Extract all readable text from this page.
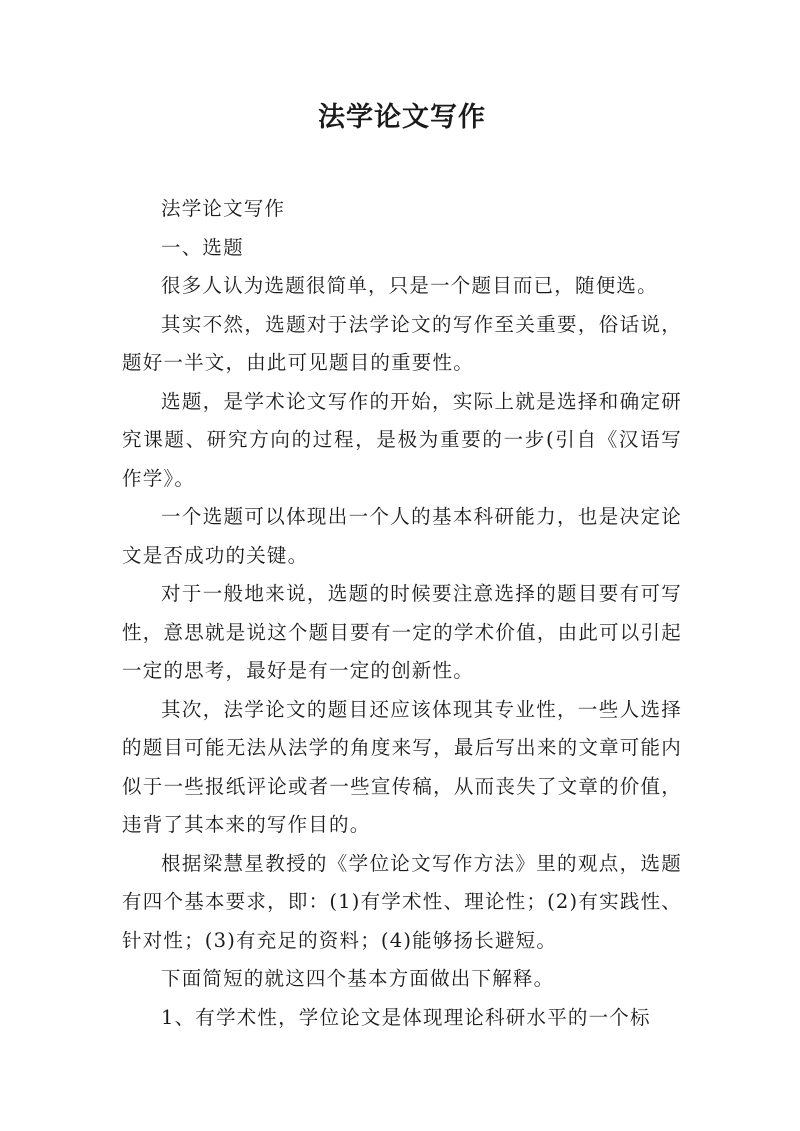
法学论文写作

法学论文写作

一、选题

很多人认为选题很简单，只是一个题目而已，随便选。

其实不然，选题对于法学论文的写作至关重要，俗话说，题好一半文，由此可见题目的重要性。

选题，是学术论文写作的开始，实际上就是选择和确定研究课题、研究方向的过程，是极为重要的一步(引自《汉语写作学》。

一个选题可以体现出一个人的基本科研能力，也是决定论文是否成功的关键。

对于一般地来说，选题的时候要注意选择的题目要有可写性，意思就是说这个题目要有一定的学术价值，由此可以引起一定的思考，最好是有一定的创新性。

其次，法学论文的题目还应该体现其专业性，一些人选择的题目可能无法从法学的角度来写，最后写出来的文章可能内似于一些报纸评论或者一些宣传稿，从而丧失了文章的价值，违背了其本来的写作目的。

根据梁慧星教授的《学位论文写作方法》里的观点，选题有四个基本要求，即：(1)有学术性、理论性；(2)有实践性、针对性；(3)有充足的资料；(4)能够扬长避短。

下面简短的就这四个基本方面做出下解释。

1、有学术性，学位论文是体现理论科研水平的一个标
